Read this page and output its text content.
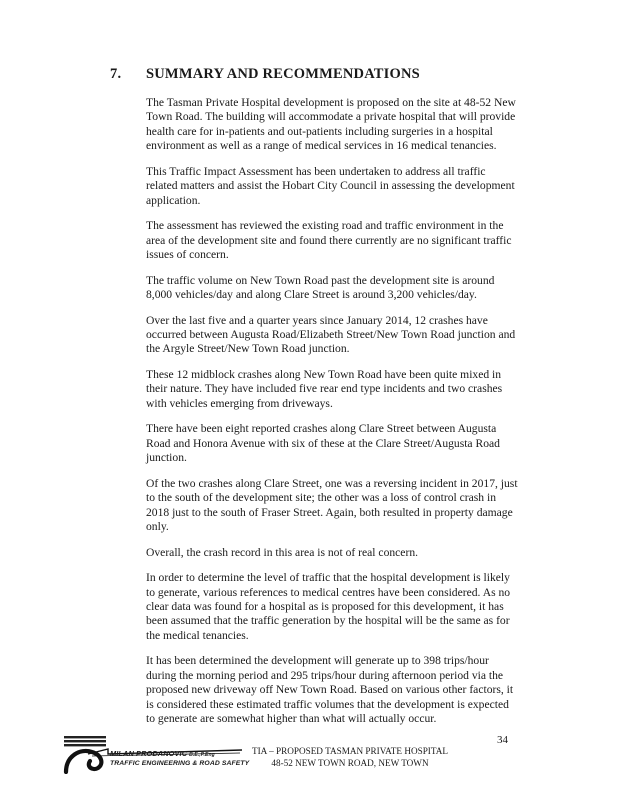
7. SUMMARY AND RECOMMENDATIONS

The Tasman Private Hospital development is proposed on the site at 48-52 New Town Road. The building will accommodate a private hospital that will provide health care for in-patients and out-patients including surgeries in a hospital environment as well as a range of medical services in 16 medical tenancies.

This Traffic Impact Assessment has been undertaken to address all traffic related matters and assist the Hobart City Council in assessing the development application.

The assessment has reviewed the existing road and traffic environment in the area of the development site and found there currently are no significant traffic issues of concern.

The traffic volume on New Town Road past the development site is around 8,000 vehicles/day and along Clare Street is around 3,200 vehicles/day.

Over the last five and a quarter years since January 2014, 12 crashes have occurred between Augusta Road/Elizabeth Street/New Town Road junction and the Argyle Street/New Town Road junction.

These 12 midblock crashes along New Town Road have been quite mixed in their nature. They have included five rear end type incidents and two crashes with vehicles emerging from driveways.

There have been eight reported crashes along Clare Street between Augusta Road and Honora Avenue with six of these at the Clare Street/Augusta Road junction.

Of the two crashes along Clare Street, one was a reversing incident in 2017, just to the south of the development site; the other was a loss of control crash in 2018 just to the south of Fraser Street. Again, both resulted in property damage only.

Overall, the crash record in this area is not of real concern.

In order to determine the level of traffic that the hospital development is likely to generate, various references to medical centres have been considered. As no clear data was found for a hospital as is proposed for this development, it has been assumed that the traffic generation by the hospital will be the same as for the medical tenancies.

It has been determined the development will generate up to 398 trips/hour during the morning period and 295 trips/hour during afternoon period via the proposed new driveway off New Town Road. Based on various other factors, it is considered these estimated traffic volumes that the development is expected to generate are somewhat higher than what will actually occur.

34
MILAN PRODANOVIC B.E.,P.Eng
TRAFFIC ENGINEERING & ROAD SAFETY
TIA – PROPOSED TASMAN PRIVATE HOSPITAL
48-52 NEW TOWN ROAD, NEW TOWN
